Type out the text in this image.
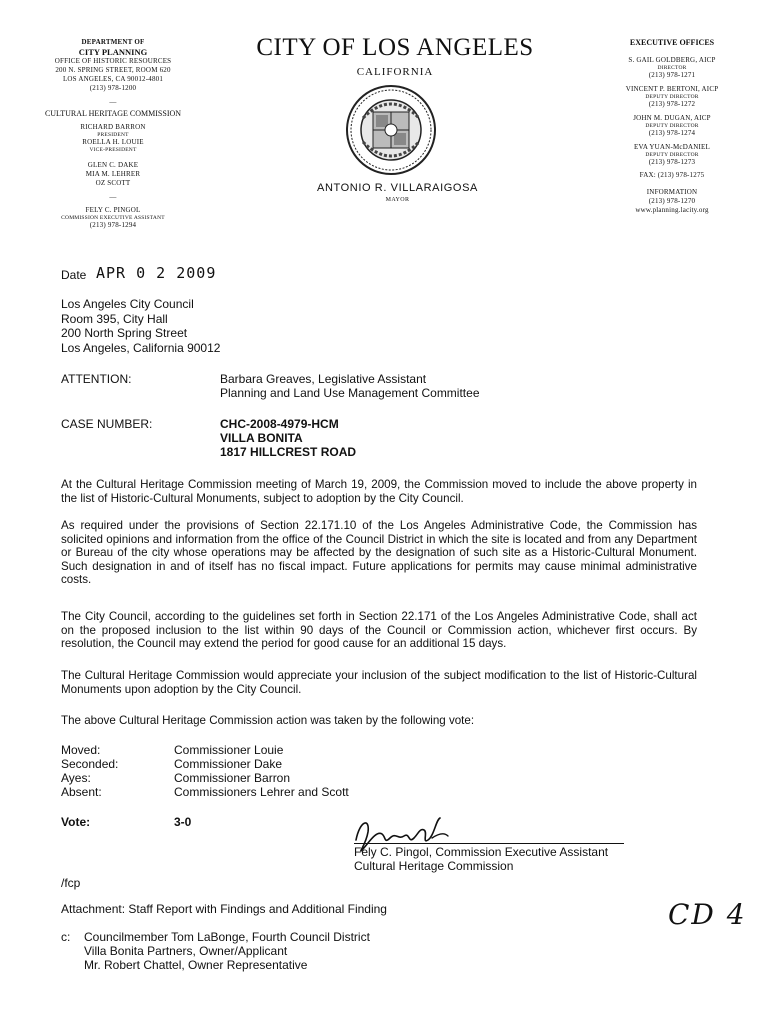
DEPARTMENT OF
CITY PLANNING
OFFICE OF HISTORIC RESOURCES
200 N. SPRING STREET, ROOM 620
LOS ANGELES, CA 90012-4801
(213) 978-1200
—
CULTURAL HERITAGE COMMISSION
RICHARD BARRON
PRESIDENT
ROELLA H. LOUIE
VICE-PRESIDENT
GLEN C. DAKE
MIA M. LEHRER
OZ SCOTT
—
FELY C. PINGOL
COMMISSION EXECUTIVE ASSISTANT
(213) 978-1294
CITY OF LOS ANGELES
CALIFORNIA
ANTONIO R. VILLARAIGOSA
MAYOR
EXECUTIVE OFFICES
S. GAIL GOLDBERG, AICP
DIRECTOR
(213) 978-1271
VINCENT P. BERTONI, AICP
DEPUTY DIRECTOR
(213) 978-1272
JOHN M. DUGAN, AICP
DEPUTY DIRECTOR
(213) 978-1274
EVA YUAN-McDANIEL
DEPUTY DIRECTOR
(213) 978-1273
FAX: (213) 978-1275
INFORMATION
(213) 978-1270
www.planning.lacity.org
Date APR 0 2 2009
Los Angeles City Council
Room 395, City Hall
200 North Spring Street
Los Angeles, California 90012
ATTENTION:	Barbara Greaves, Legislative Assistant
Planning and Land Use Management Committee
CASE NUMBER:	CHC-2008-4979-HCM
VILLA BONITA
1817 HILLCREST ROAD
At the Cultural Heritage Commission meeting of March 19, 2009, the Commission moved to include the above property in the list of Historic-Cultural Monuments, subject to adoption by the City Council.
As required under the provisions of Section 22.171.10 of the Los Angeles Administrative Code, the Commission has solicited opinions and information from the office of the Council District in which the site is located and from any Department or Bureau of the city whose operations may be affected by the designation of such site as a Historic-Cultural Monument. Such designation in and of itself has no fiscal impact. Future applications for permits may cause minimal administrative costs.
The City Council, according to the guidelines set forth in Section 22.171 of the Los Angeles Administrative Code, shall act on the proposed inclusion to the list within 90 days of the Council or Commission action, whichever first occurs. By resolution, the Council may extend the period for good cause for an additional 15 days.
The Cultural Heritage Commission would appreciate your inclusion of the subject modification to the list of Historic-Cultural Monuments upon adoption by the City Council.
The above Cultural Heritage Commission action was taken by the following vote:
Moved:	Commissioner Louie
Seconded:	Commissioner Dake
Ayes:	Commissioner Barron
Absent:	Commissioners Lehrer and Scott
Vote:	3-0
Fely C. Pingol, Commission Executive Assistant
Cultural Heritage Commission
/fcp
Attachment: Staff Report with Findings and Additional Finding
c: Councilmember Tom LaBonge, Fourth Council District
Villa Bonita Partners, Owner/Applicant
Mr. Robert Chattel, Owner Representative
CD 4
